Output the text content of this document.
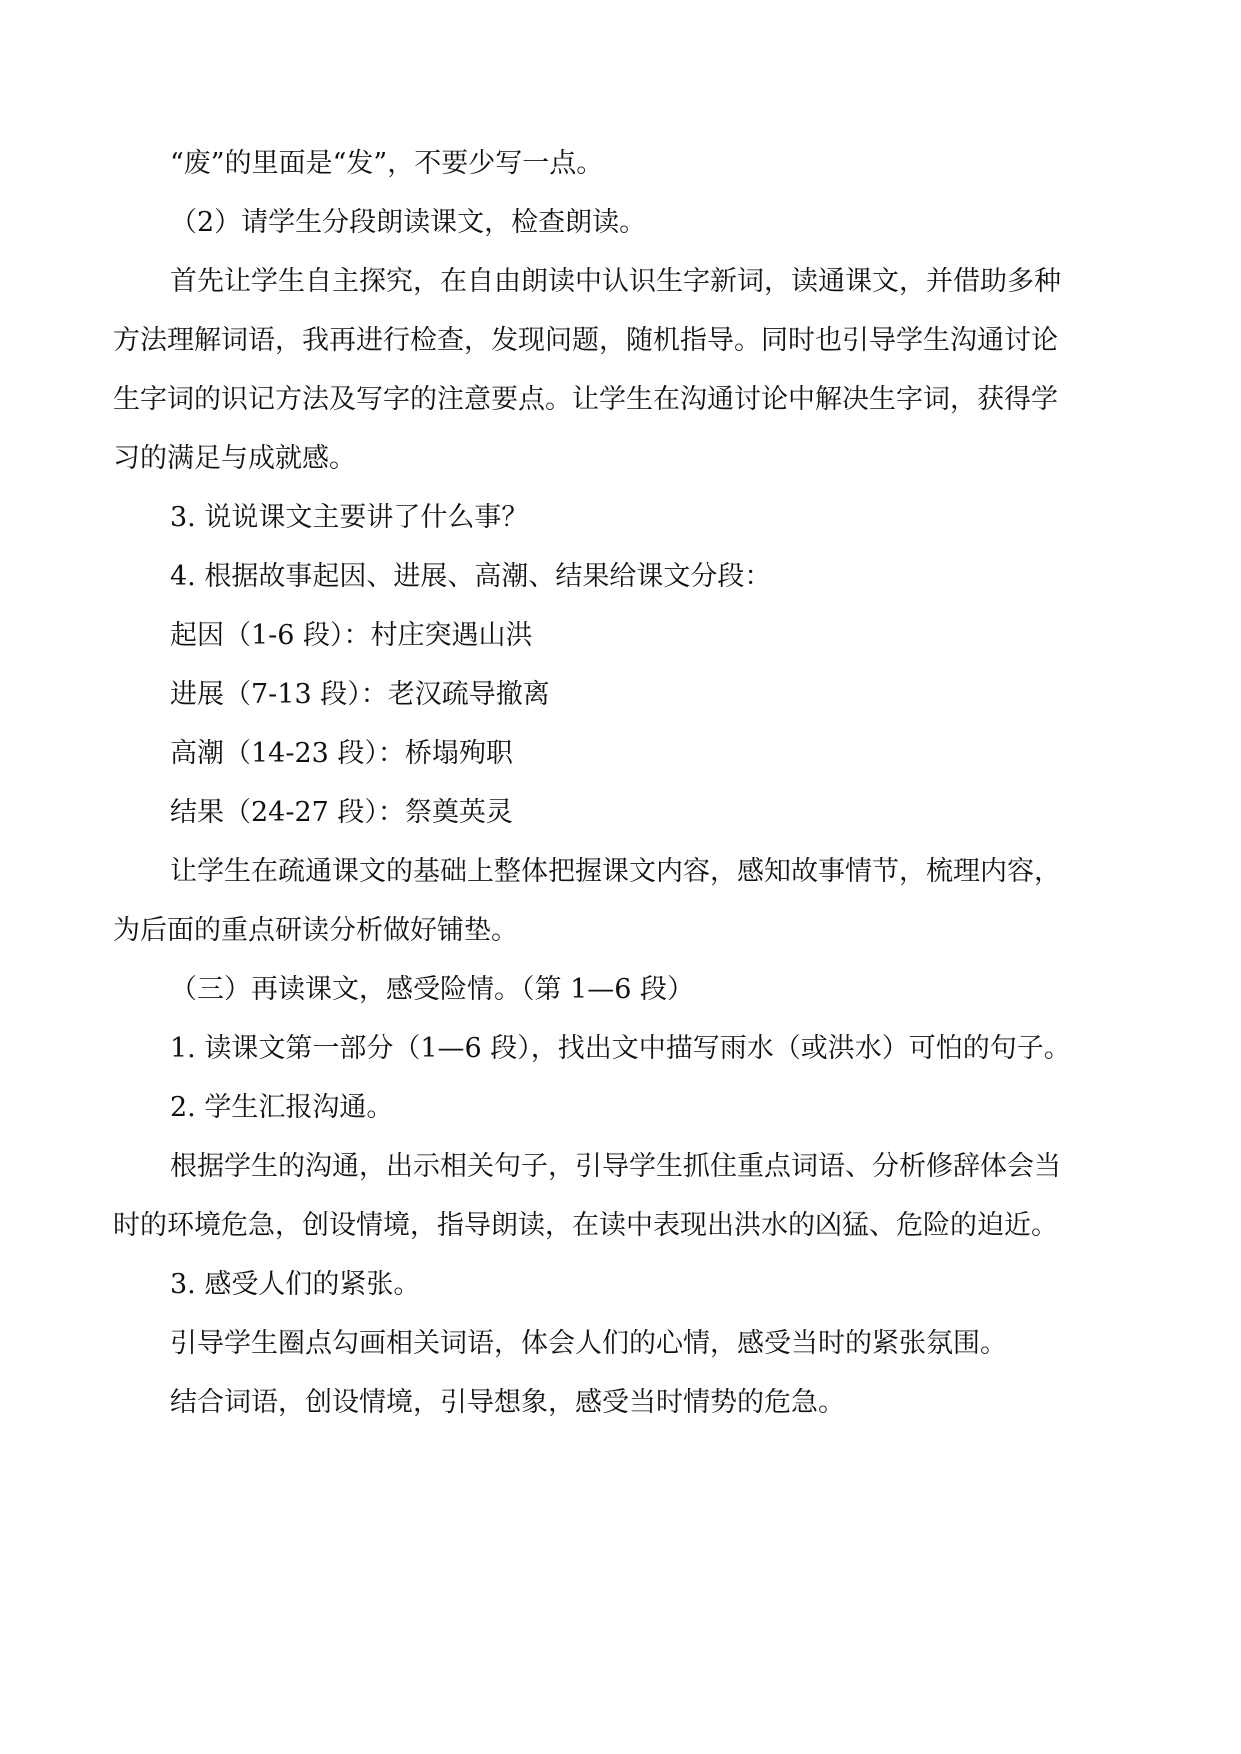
“废”的里面是“发”，不要少写一点。

（2）请学生分段朗读课文，检查朗读。

首先让学生自主探究，在自由朗读中认识生字新词，读通课文，并借助多种

方法理解词语，我再进行检查，发现问题，随机指导。同时也引导学生沟通讨论

生字词的识记方法及写字的注意要点。让学生在沟通讨论中解决生字词，获得学

习的满足与成就感。

3. 说说课文主要讲了什么事？

4. 根据故事起因、进展、高潮、结果给课文分段：

起因（1-6 段）：村庄突遇山洪

进展（7-13 段）：老汉疏导撤离

高潮（14-23 段）：桥塌殉职

结果（24-27 段）：祭奠英灵

让学生在疏通课文的基础上整体把握课文内容，感知故事情节，梳理内容，

为后面的重点研读分析做好铺垫。

（三）再读课文，感受险情。（第 1—6 段）

1. 读课文第一部分（1—6 段），找出文中描写雨水（或洪水）可怕的句子。

2. 学生汇报沟通。

根据学生的沟通，出示相关句子，引导学生抓住重点词语、分析修辞体会当

时的环境危急，创设情境，指导朗读，在读中表现出洪水的凶猛、危险的迫近。

3. 感受人们的紧张。

引导学生圈点勾画相关词语，体会人们的心情，感受当时的紧张氛围。

结合词语，创设情境，引导想象，感受当时情势的危急。
